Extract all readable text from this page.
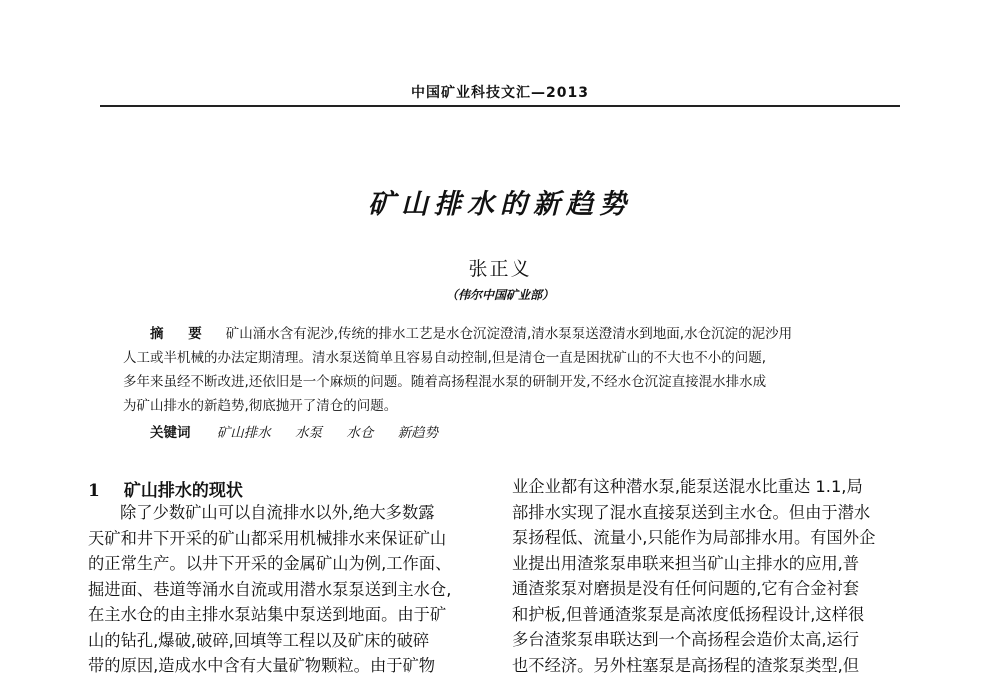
中国矿业科技文汇—2013
矿山排水的新趋势
张正义
（伟尔中国矿业部）
摘 要 矿山涌水含有泥沙,传统的排水工艺是水仓沉淀澄清,清水泵泵送澄清水到地面,水仓沉淀的泥沙用
人工或半机械的办法定期清理。清水泵送简单且容易自动控制,但是清仓一直是困扰矿山的不大也不小的问题,
多年来虽经不断改进,还依旧是一个麻烦的问题。随着高扬程混水泵的研制开发,不经水仓沉淀直接混水排水成
为矿山排水的新趋势,彻底抛开了清仓的问题。
关键词 矿山排水 水泵 水仓 新趋势
1 矿山排水的现状
除了少数矿山可以自流排水以外,绝大多数露
天矿和井下开采的矿山都采用机械排水来保证矿山
的正常生产。以井下开采的金属矿山为例,工作面、
掘进面、巷道等涌水自流或用潜水泵泵送到主水仓,
在主水仓的由主排水泵站集中泵送到地面。由于矿
山的钻孔,爆破,破碎,回填等工程以及矿床的破碎
带的原因,造成水中含有大量矿物颗粒。由于矿物
业企业都有这种潜水泵,能泵送混水比重达 1.1,局
部排水实现了混水直接泵送到主水仓。但由于潜水
泵扬程低、流量小,只能作为局部排水用。有国外企
业提出用渣浆泵串联来担当矿山主排水的应用,普
通渣浆泵对磨损是没有任何问题的,它有合金衬套
和护板,但普通渣浆泵是高浓度低扬程设计,这样很
多台渣浆泵串联达到一个高扬程会造价太高,运行
也不经济。另外柱塞泵是高扬程的渣浆泵类型,但
